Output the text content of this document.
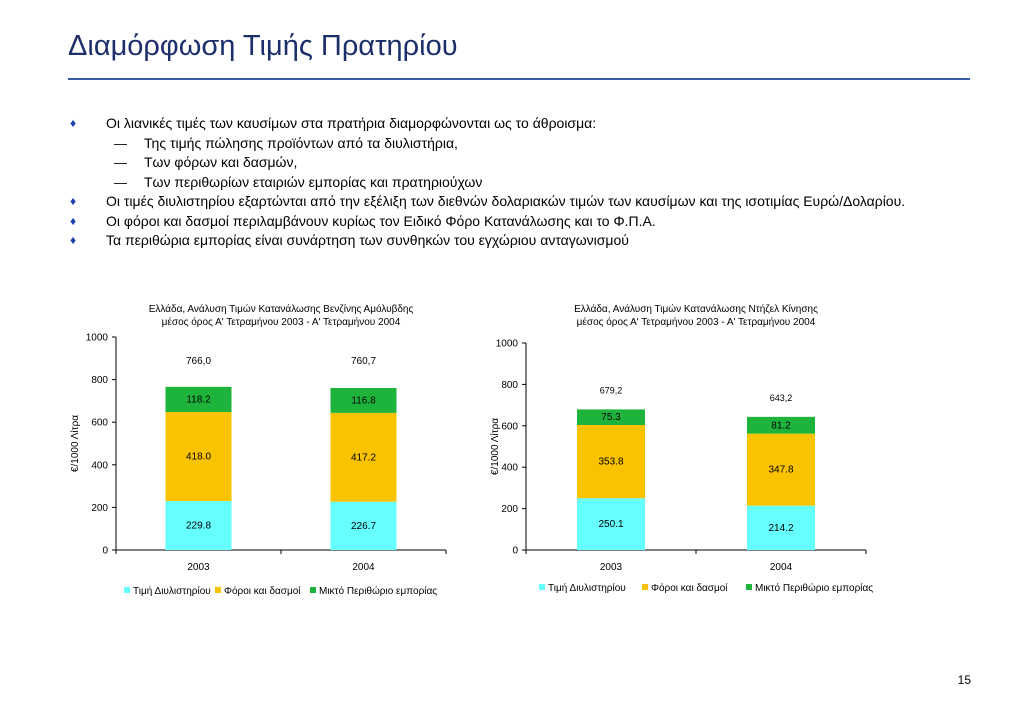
Διαμόρφωση Τιμής Πρατηρίου
♦	Οι λιανικές τιμές των καυσίμων στα πρατήρια διαμορφώνονται ως το άθροισμα:
—	Της τιμής πώλησης προϊόντων από τα διυλιστήρια,
—	Των φόρων και δασμών,
—	Των περιθωρίων εταιριών εμπορίας και πρατηριούχων
♦	Οι τιμές διυλιστηρίου εξαρτώνται από την εξέλιξη των διεθνών δολαριακών τιμών των καυσίμων και της ισοτιμίας Ευρώ/Δολαρίου.
♦	Οι φόροι και δασμοί περιλαμβάνουν κυρίως τον Ειδικό Φόρο Κατανάλωσης και το Φ.Π.Α.
♦	Τα περιθώρια εμπορίας είναι συνάρτηση των συνθηκών του εγχώριου ανταγωνισμού
Ελλάδα, Ανάλυση Τιμών Κατανάλωσης Βενζίνης Αμόλυβδης
μέσος όρος Α' Τετραμήνου 2003 - Α' Τετραμήνου 2004
€/1000 Λίτρα
0
200
400
600
800
1000
229.8
418.0
118.2
766,0
2003
226.7
417.2
116.8
760,7
2004
Τιμή Διυλιστηρίου Φόροι και δασμοί Μικτό Περιθώριο εμπορίας
Ελλάδα, Ανάλυση Τιμών Κατανάλωσης Ντήζελ Κίνησης
μέσος όρος Α' Τετραμήνου 2003 - Α' Τετραμήνου 2004
€/1000 Λίτρα
0
200
400
600
800
1000
250.1
353.8
75.3
679,2
2003
214.2
347.8
81.2
643,2
2004
Τιμή Διυλιστηρίου	Φόροι και δασμοί	Μικτό Περιθώριο εμπορίας
15
